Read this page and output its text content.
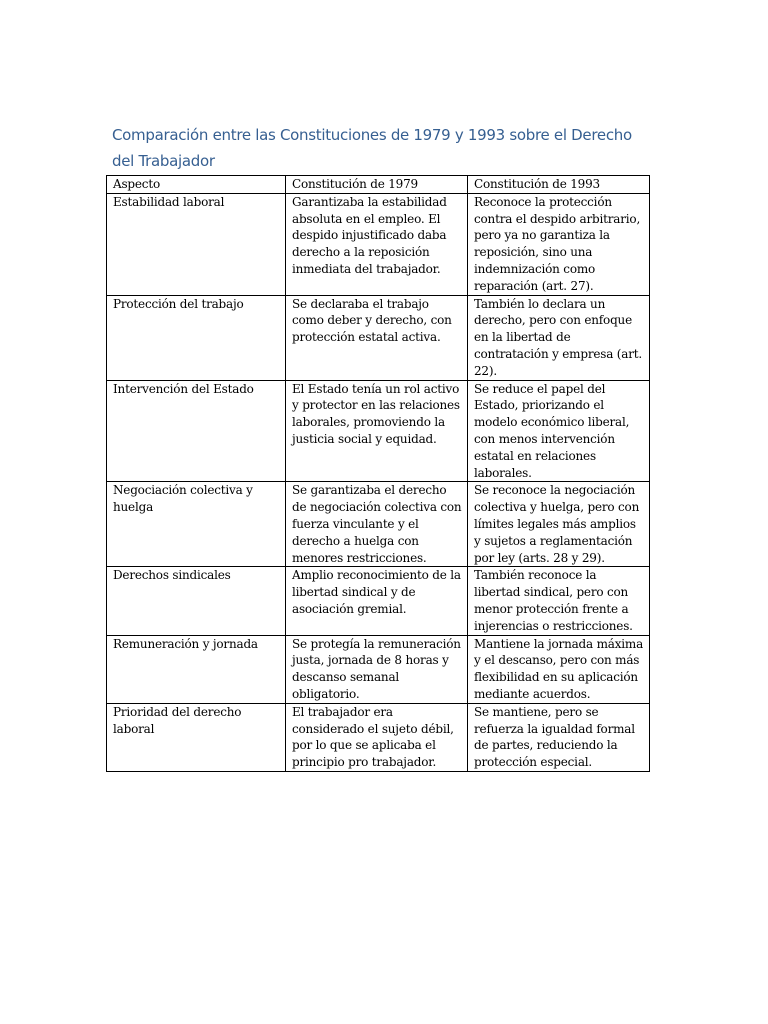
Comparación entre las Constituciones de 1979 y 1993 sobre el Derecho del Trabajador
Aspecto	Constitución de 1979	Constitución de 1993
Estabilidad laboral	Garantizaba la estabilidad absoluta en el empleo. El despido injustificado daba derecho a la reposición inmediata del trabajador.	Reconoce la protección contra el despido arbitrario, pero ya no garantiza la reposición, sino una indemnización como reparación (art. 27).
Protección del trabajo	Se declaraba el trabajo como deber y derecho, con protección estatal activa.	También lo declara un derecho, pero con enfoque en la libertad de contratación y empresa (art. 22).
Intervención del Estado	El Estado tenía un rol activo y protector en las relaciones laborales, promoviendo la justicia social y equidad.	Se reduce el papel del Estado, priorizando el modelo económico liberal, con menos intervención estatal en relaciones laborales.
Negociación colectiva y huelga	Se garantizaba el derecho de negociación colectiva con fuerza vinculante y el derecho a huelga con menores restricciones.	Se reconoce la negociación colectiva y huelga, pero con límites legales más amplios y sujetos a reglamentación por ley (arts. 28 y 29).
Derechos sindicales	Amplio reconocimiento de la libertad sindical y de asociación gremial.	También reconoce la libertad sindical, pero con menor protección frente a injerencias o restricciones.
Remuneración y jornada	Se protegía la remuneración justa, jornada de 8 horas y descanso semanal obligatorio.	Mantiene la jornada máxima y el descanso, pero con más flexibilidad en su aplicación mediante acuerdos.
Prioridad del derecho laboral	El trabajador era considerado el sujeto débil, por lo que se aplicaba el principio pro trabajador.	Se mantiene, pero se refuerza la igualdad formal de partes, reduciendo la protección especial.
